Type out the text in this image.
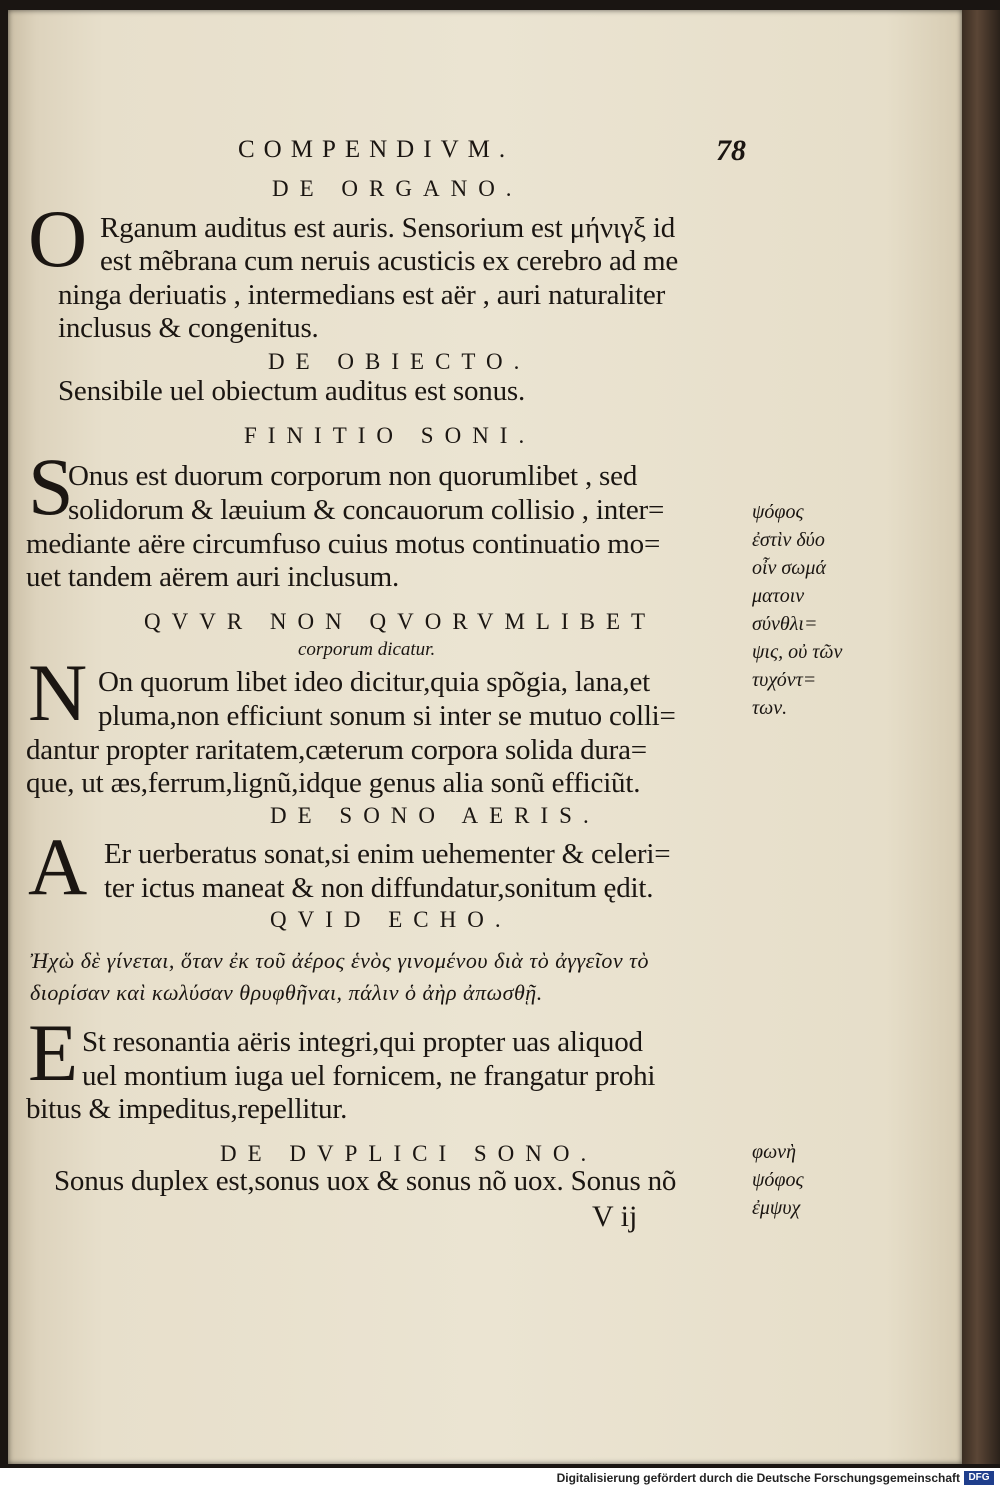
COMPENDIVM.	78
DE ORGANO.
O Rganum auditus est auris. Sensorium est μήνιγξ id
est mẽbrana cum neruis acusticis ex cerebro ad me
ninga deriuatis , intermedians est aër , auri naturaliter
inclusus & congenitus.
DE OBIECTO.
Sensibile uel obiectum auditus est sonus.
FINITIO SONI.
S
Onus est duorum corporum non quorumlibet , sed
solidorum & læuium & concauorum collisio , inter=
mediante aëre circumfuso cuius motus continuatio mo=
uet tandem aërem auri inclusum.
QVVR NON QVORVMLIBET
corporum dicatur.
N On quorum libet ideo dicitur,quia spõgia, lana,et
pluma,non efficiunt sonum si inter se mutuo colli=
dantur propter raritatem,cæterum corpora solida dura=
que, ut æs,ferrum,lignũ,idque genus alia sonũ efficiũt.
DE SONO AERIS.
A Er uerberatus sonat,si enim uehementer & celeri=
ter ictus maneat & non diffundatur,sonitum ędit.
QVID ECHO.
Ἠχὼ δὲ γίνεται, ὅταν ἐκ τοῦ ἀέρος ἑνὸς γινομένου διὰ τὸ ἀγγεῖον τὸ
διορίσαν καὶ κωλύσαν θρυφθῆναι, πάλιν ὁ ἀὴρ ἀπωσθῇ.
E St resonantia aëris integri,qui propter uas aliquod
uel montium iuga uel fornicem, ne frangatur prohi
bitus & impeditus,repellitur.
DE DVPLICI SONO.
Sonus duplex est,sonus uox & sonus nõ uox. Sonus nõ
V ij
ψόφος
ἐστὶν δύο
οἶν σωμά
ματοιν
σύνθλι=
ψις, οὐ τῶν
τυχόντ=
των.
φωνὴ
ψόφος
ἐμψυχ
Digitalisierung gefördert durch die Deutsche Forschungsgemeinschaft DFG
